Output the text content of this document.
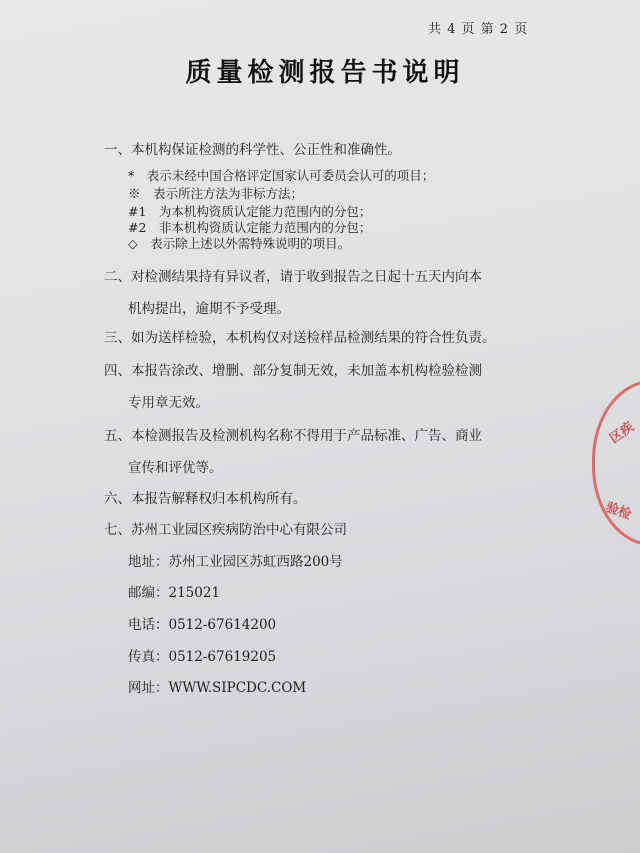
共 4 页 第 2 页
质量检测报告书说明
一、本机构保证检测的科学性、公正性和准确性。
*　表示未经中国合格评定国家认可委员会认可的项目；
※　表示所注方法为非标方法；
#1　为本机构资质认定能力范围内的分包；
#2　非本机构资质认定能力范围内的分包；
◇　表示除上述以外需特殊说明的项目。
二、对检测结果持有异议者，请于收到报告之日起十五天内向本
机构提出，逾期不予受理。
三、如为送样检验，本机构仅对送检样品检测结果的符合性负责。
四、本报告涂改、增删、部分复制无效，未加盖本机构检验检测
专用章无效。
五、本检测报告及检测机构名称不得用于产品标准、广告、商业
宣传和评优等。
六、本报告解释权归本机构所有。
七、苏州工业园区疾病防治中心有限公司
地址：苏州工业园区苏虹西路200号
邮编：215021
电话：0512-67614200
传真：0512-67619205
网址：WWW.SIPCDC.COM
区疾
验检
